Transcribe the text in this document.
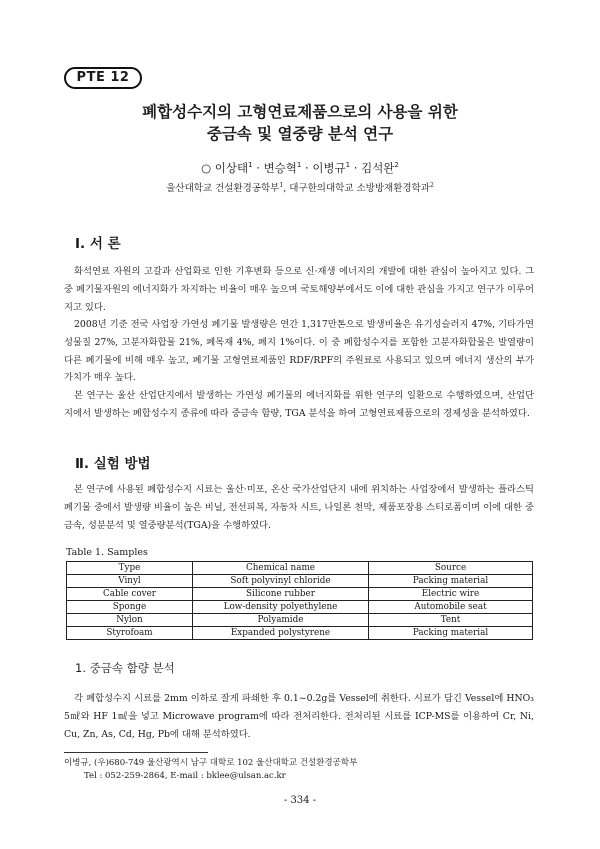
PTE 12
폐합성수지의 고형연료제품으로의 사용을 위한
중금속 및 열중량 분석 연구
○ 이상태$^1$ · 변승혁$^1$ · 이병규$^1$ · 김석완$^2$
울산대학교 건설환경공학부$^1$, 대구한의대학교 소방방재환경학과$^2$
Ⅰ. 서 론

화석연료 자원의 고갈과 산업화로 인한 기후변화 등으로 신·재생 에너지의 개발에 대한 관심이 높아지고 있다. 그 중 폐기물자원의 에너지화가 차지하는 비율이 매우 높으며 국토해양부에서도 이에 대한 관심을 가지고 연구가 이루어지고 있다.

2008년 기준 전국 사업장 가연성 폐기물 발생량은 연간 1,317만톤으로 발생비율은 유기성슬러지 47%, 기타가연성물질 27%, 고분자화합물 21%, 폐목재 4%, 폐지 1%이다. 이 중 폐합성수지를 포함한 고분자화합물은 발열량이 다른 폐기물에 비해 매우 높고, 폐기물 고형연료제품인 RDF/RPF의 주원료로 사용되고 있으며 에너지 생산의 부가가치가 매우 높다.

본 연구는 울산 산업단지에서 발생하는 가연성 폐기물의 에너지화를 위한 연구의 일환으로 수행하였으며, 산업단지에서 발생하는 폐합성수지 종류에 따라 중금속 함량, TGA 분석을 하여 고형연료제품으로의 경제성을 분석하였다.

Ⅱ. 실험 방법

본 연구에 사용된 폐합성수지 시료는 울산·미포, 온산 국가산업단지 내에 위치하는 사업장에서 발생하는 플라스틱 폐기물 중에서 발생량 비율이 높은 비닐, 전선피복, 자동차 시트, 나일론 천막, 제품포장용 스티로폼이며 이에 대한 중금속, 성분분석 및 열중량분석(TGA)을 수행하였다.

Table 1. Samples
Type	Chemical name	Source
Vinyl	Soft polyvinyl chloride	Packing material
Cable cover	Silicone rubber	Electric wire
Sponge	Low-density polyethylene	Automobile seat
Nylon	Polyamide	Tent
Styrofoam	Expanded polystyrene	Packing material
1. 중금속 함량 분석

각 폐합성수지 시료를 2mm 이하로 잘게 파쇄한 후 0.1~0.2g를 Vessel에 취한다. 시료가 담긴 Vessel에 HNO₃ 5㎖와 HF 1㎖을 넣고 Microwave program에 따라 전처리한다. 전처리된 시료를 ICP-MS를 이용하여 Cr, Ni, Cu, Zn, As, Cd, Hg, Pb에 대해 분석하였다.

이병규, (우)680-749 울산광역시 남구 대학로 102 울산대학교 건설환경공학부
Tel : 052-259-2864, E-mail : bklee@ulsan.ac.kr
- 334 -
